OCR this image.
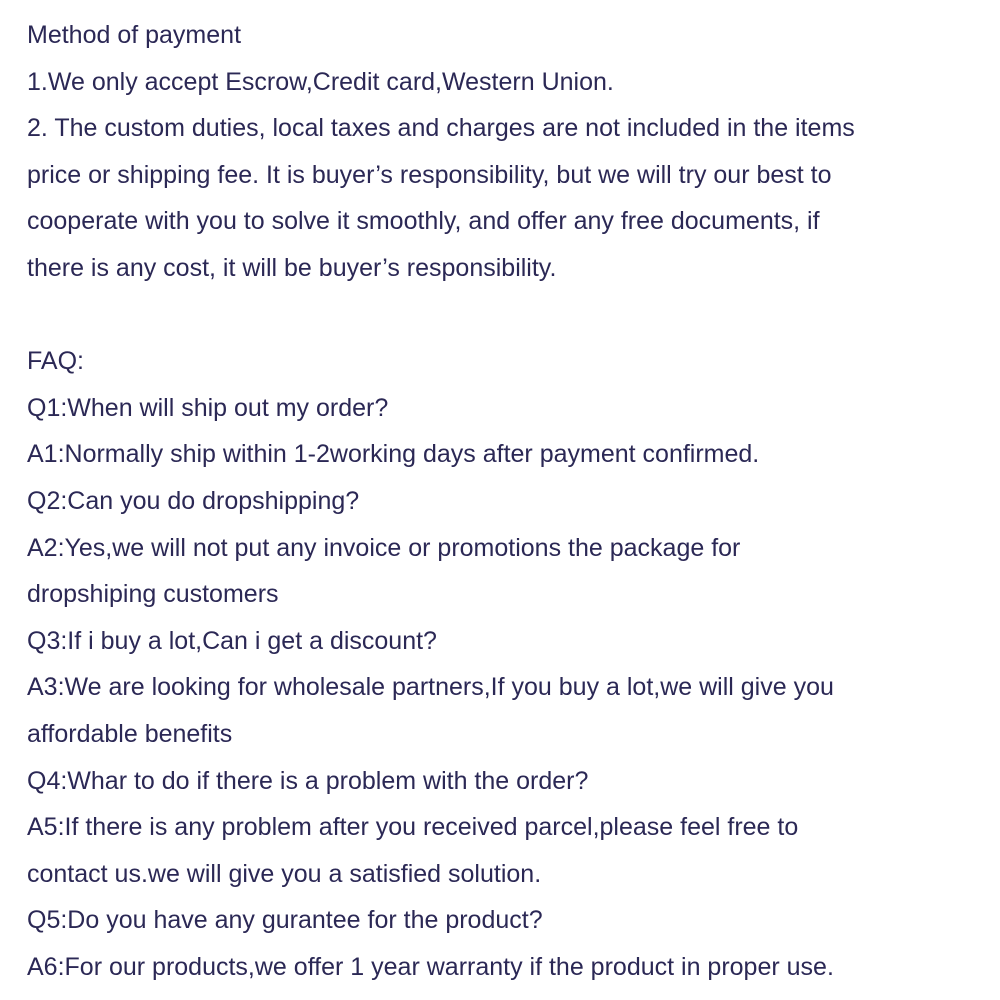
Method of payment
1.We only accept Escrow,Credit card,Western Union.
2. The custom duties, local taxes and charges are not included in the items
price or shipping fee. It is buyer’s responsibility, but we will try our best to
cooperate with you to solve it smoothly, and offer any free documents, if
there is any cost, it will be buyer’s responsibility.
FAQ:
Q1:When will ship out my order?
A1:Normally ship within 1-2working days after payment confirmed.
Q2:Can you do dropshipping?
A2:Yes,we will not put any invoice or promotions the package for
dropshiping customers
Q3:If i buy a lot,Can i get a discount?
A3:We are looking for wholesale partners,If you buy a lot,we will give you
affordable benefits
Q4:Whar to do if there is a problem with the order?
A5:If there is any problem after you received parcel,please feel free to
contact us.we will give you a satisfied solution.
Q5:Do you have any gurantee for the product?
A6:For our products,we offer 1 year warranty if the product in proper use.
